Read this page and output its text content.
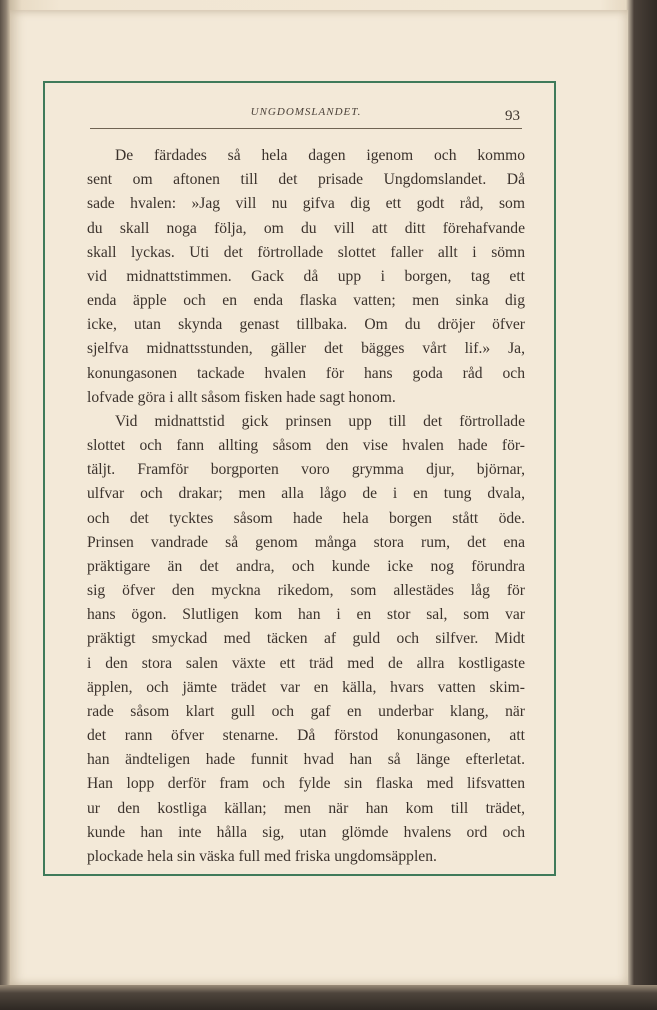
UNGDOMSLANDET.	93
De färdades så hela dagen igenom och kommo
sent om aftonen till det prisade Ungdomslandet. Då
sade hvalen: »Jag vill nu gifva dig ett godt råd, som
du skall noga följa, om du vill att ditt förehafvande
skall lyckas. Uti det förtrollade slottet faller allt i sömn
vid midnattstimmen. Gack då upp i borgen, tag ett
enda äpple och en enda flaska vatten; men sinka dig
icke, utan skynda genast tillbaka. Om du dröjer öfver
sjelfva midnattsstunden, gäller det bägges vårt lif.» Ja,
konungasonen tackade hvalen för hans goda råd och
lofvade göra i allt såsom fisken hade sagt honom.
Vid midnattstid gick prinsen upp till det förtrollade
slottet och fann allting såsom den vise hvalen hade för-
täljt. Framför borgporten voro grymma djur, björnar,
ulfvar och drakar; men alla lågo de i en tung dvala,
och det tycktes såsom hade hela borgen stått öde.
Prinsen vandrade så genom många stora rum, det ena
präktigare än det andra, och kunde icke nog förundra
sig öfver den myckna rikedom, som allestädes låg för
hans ögon. Slutligen kom han i en stor sal, som var
präktigt smyckad med täcken af guld och silfver. Midt
i den stora salen växte ett träd med de allra kostligaste
äpplen, och jämte trädet var en källa, hvars vatten skim-
rade såsom klart gull och gaf en underbar klang, när
det rann öfver stenarne. Då förstod konungasonen, att
han ändteligen hade funnit hvad han så länge efterletat.
Han lopp derför fram och fylde sin flaska med lifsvatten
ur den kostliga källan; men när han kom till trädet,
kunde han inte hålla sig, utan glömde hvalens ord och
plockade hela sin väska full med friska ungdomsäpplen.
